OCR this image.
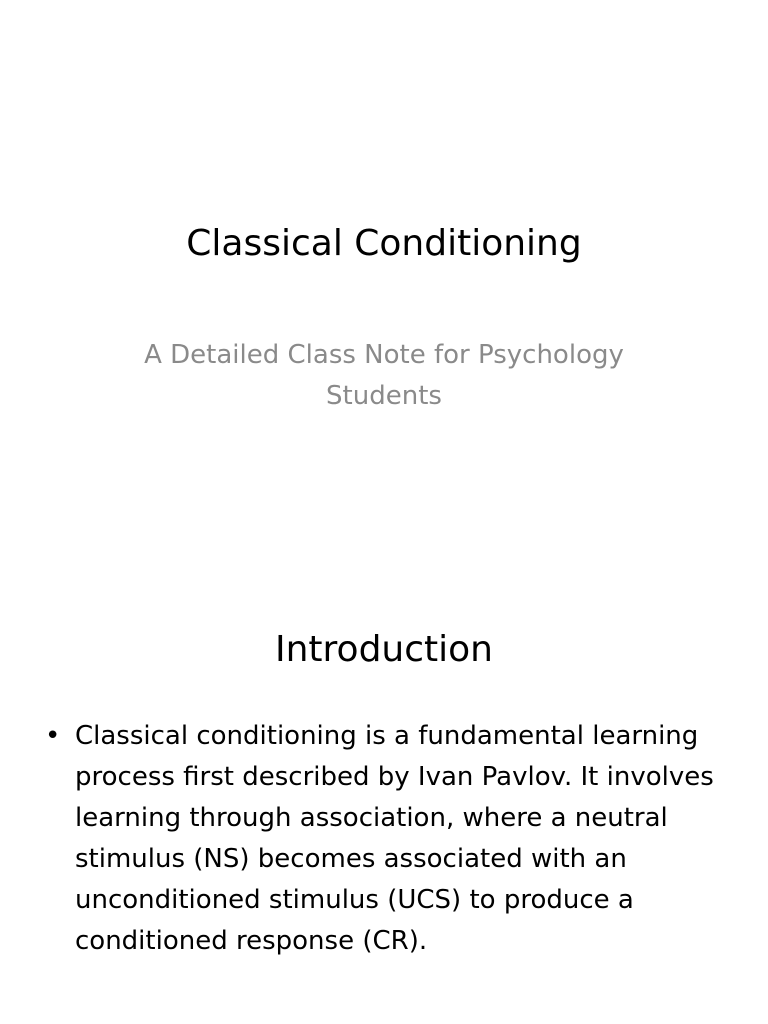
Classical Conditioning
A Detailed Class Note for Psychology Students
Introduction
• Classical conditioning is a fundamental learning process first described by Ivan Pavlov. It involves learning through association, where a neutral stimulus (NS) becomes associated with an unconditioned stimulus (UCS) to produce a conditioned response (CR).
